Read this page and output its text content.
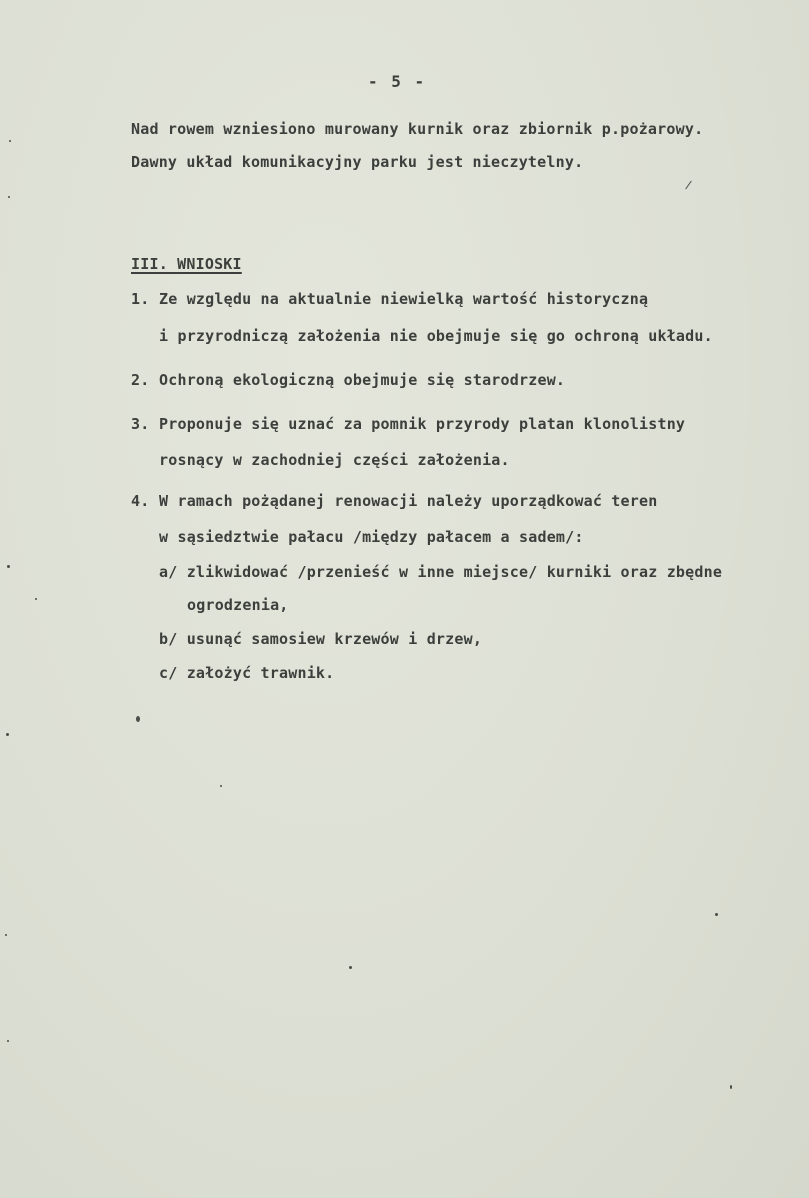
- 5 -
Nad rowem wzniesiono murowany kurnik oraz zbiornik p.pożarowy.
Dawny układ komunikacyjny parku jest nieczytelny.
III. WNIOSKI
1. Ze względu na aktualnie niewielką wartość historyczną
i przyrodniczą założenia nie obejmuje się go ochroną układu.
2. Ochroną ekologiczną obejmuje się starodrzew.
3. Proponuje się uznać za pomnik przyrody platan klonolistny
rosnący w zachodniej części założenia.
4. W ramach pożądanej renowacji należy uporządkować teren
w sąsiedztwie pałacu /między pałacem a sadem/:
a/ zlikwidować /przenieść w inne miejsce/ kurniki oraz zbędne
ogrodzenia,
b/ usunąć samosiew krzewów i drzew,
c/ założyć trawnik.
